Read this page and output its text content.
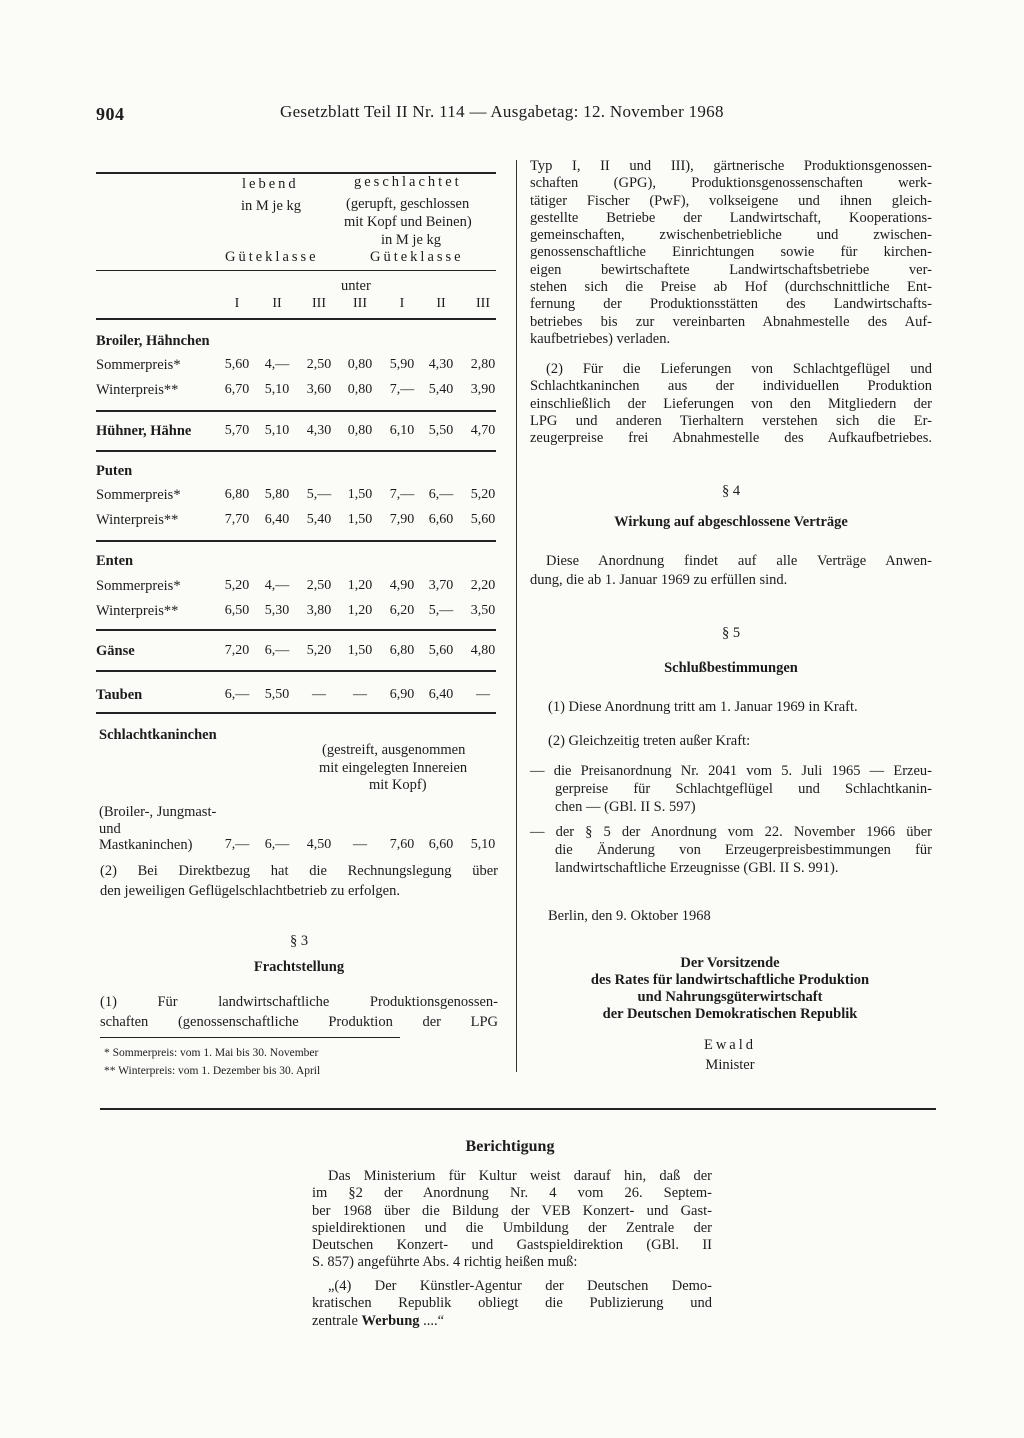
904	Gesetzblatt Teil II Nr. 114 — Ausgabetag: 12. November 1968
lebend
in M je kg
Güteklasse
geschlachtet
(gerupft, geschlossen
mit Kopf und Beinen)
in M je kg
Güteklasse
unter
I II III III I II III
Broiler, Hähnchen
Sommerpreis*
Winterpreis**
Hühner, Hähne
Puten
Sommerpreis*
Winterpreis**
Enten
Sommerpreis*
Winterpreis**
Gänse
Tauben
Schlachtkaninchen
(gestreift, ausgenommen
mit eingelegten Innereien
mit Kopf)
(Broiler-, Jungmast-
und
Mastkaninchen)
5,60 4,— 2,50 0,80 5,90 4,30 2,80
6,70 5,10 3,60 0,80 7,— 5,40 3,90
5,70 5,10 4,30 0,80 6,10 5,50 4,70
6,80 5,80 5,— 1,50 7,— 6,— 5,20
7,70 6,40 5,40 1,50 7,90 6,60 5,60
5,20 4,— 2,50 1,20 4,90 3,70 2,20
6,50 5,30 3,80 1,20 6,20 5,— 3,50
7,20 6,— 5,20 1,50 6,80 5,60 4,80
6,— 5,50 — — 6,90 6,40 —
7,— 6,— 4,50 — 7,60 6,60 5,10
(2) Bei Direktbezug hat die Rechnungslegung über
den jeweiligen Geflügelschlachtbetrieb zu erfolgen.
§ 3
Frachtstellung
(1) Für landwirtschaftliche Produktionsgenossen-
schaften (genossenschaftliche Produktion der LPG
* Sommerpreis: vom 1. Mai bis 30. November
** Winterpreis: vom 1. Dezember bis 30. April
Typ I, II und III), gärtnerische Produktionsgenossen-
schaften (GPG), Produktionsgenossenschaften werk-
tätiger Fischer (PwF), volkseigene und ihnen gleich-
gestellte Betriebe der Landwirtschaft, Kooperations-
gemeinschaften, zwischenbetriebliche und zwischen-
genossenschaftliche Einrichtungen sowie für kirchen-
eigen bewirtschaftete Landwirtschaftsbetriebe ver-
stehen sich die Preise ab Hof (durchschnittliche Ent-
fernung der Produktionsstätten des Landwirtschafts-
betriebes bis zur vereinbarten Abnahmestelle des Auf-
kaufbetriebes) verladen.
(2) Für die Lieferungen von Schlachtgeflügel und
Schlachtkaninchen aus der individuellen Produktion
einschließlich der Lieferungen von den Mitgliedern der
LPG und anderen Tierhaltern verstehen sich die Er-
zeugerpreise frei Abnahmestelle des Aufkaufbetriebes.
§ 4
Wirkung auf abgeschlossene Verträge
Diese Anordnung findet auf alle Verträge Anwen-
dung, die ab 1. Januar 1969 zu erfüllen sind.
§ 5
Schlußbestimmungen
(1) Diese Anordnung tritt am 1. Januar 1969 in Kraft.
(2) Gleichzeitig treten außer Kraft:
— die Preisanordnung Nr. 2041 vom 5. Juli 1965 — Erzeu-
gerpreise für Schlachtgeflügel und Schlachtkanin-
chen — (GBl. II S. 597)
— der § 5 der Anordnung vom 22. November 1966 über
die Änderung von Erzeugerpreisbestimmungen für
landwirtschaftliche Erzeugnisse (GBl. II S. 991).
Berlin, den 9. Oktober 1968
Der Vorsitzende
des Rates für landwirtschaftliche Produktion
und Nahrungsgüterwirtschaft
der Deutschen Demokratischen Republik
Ewald
Minister
Berichtigung
Das Ministerium für Kultur weist darauf hin, daß der
im §2 der Anordnung Nr. 4 vom 26. Septem-
ber 1968 über die Bildung der VEB Konzert- und Gast-
spieldirektionen und die Umbildung der Zentrale der
Deutschen Konzert- und Gastspieldirektion (GBl. II
S. 857) angeführte Abs. 4 richtig heißen muß:
„(4) Der Künstler-Agentur der Deutschen Demo-
kratischen Republik obliegt die Publizierung und
zentrale Werbung ....“
